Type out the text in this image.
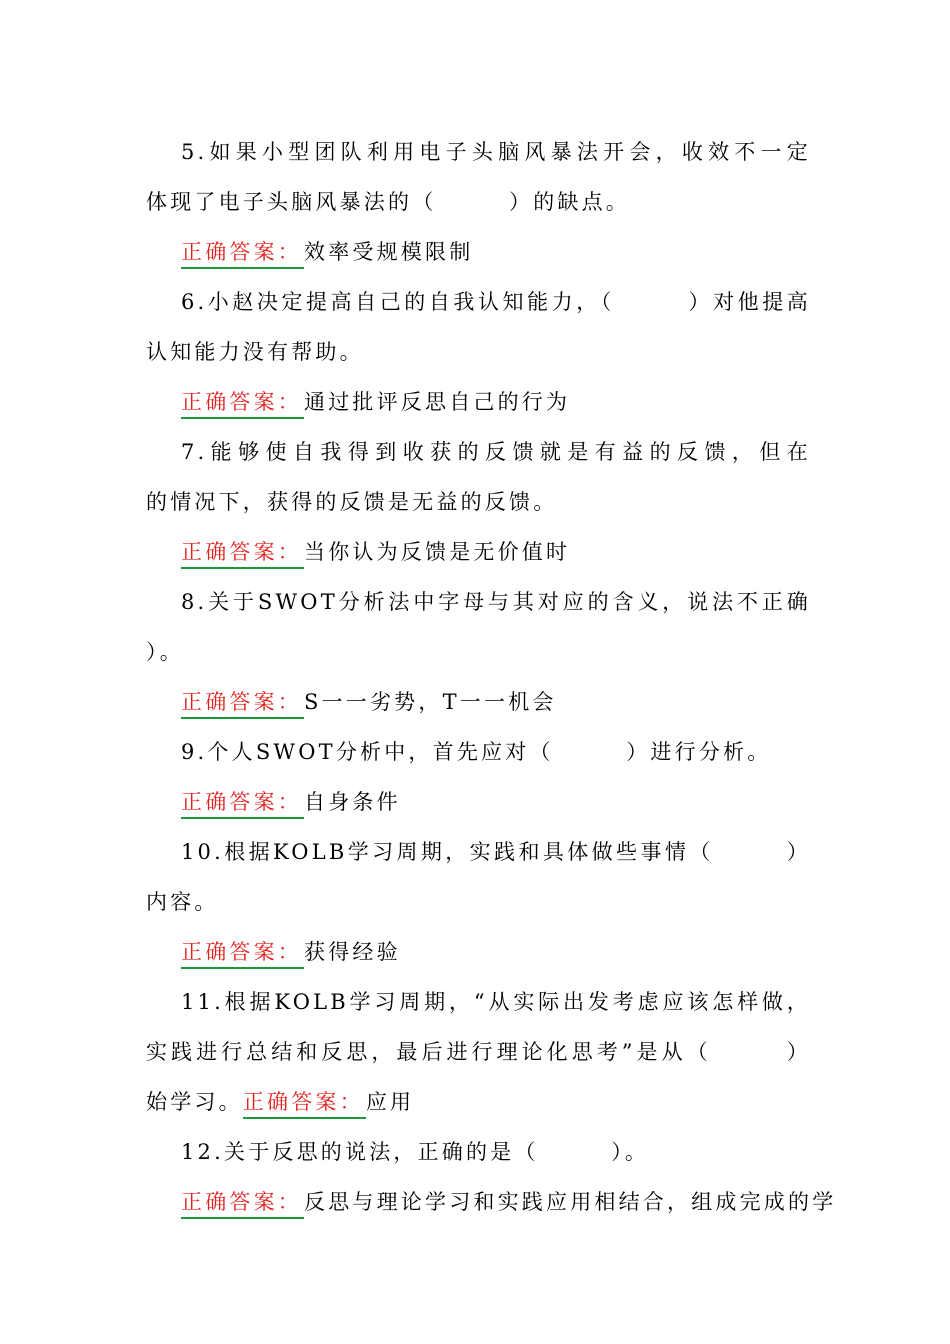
5.如果小型团队利用电子头脑风暴法开会，收效不一定
体现了电子头脑风暴法的（　　　）的缺点。
正确答案：效率受规模限制
6.小赵决定提高自己的自我认知能力，（　　　）对他提高
认知能力没有帮助。
正确答案：通过批评反思自己的行为
7.能够使自我得到收获的反馈就是有益的反馈，但在　　　
的情况下，获得的反馈是无益的反馈。
正确答案：当你认为反馈是无价值时
8.关于SWOT分析法中字母与其对应的含义，说法不正确
）。
正确答案：S一一劣势，T一一机会
9.个人SWOT分析中，首先应对（　　　）进行分析。
正确答案：自身条件
10.根据KOLB学习周期，实践和具体做些事情（　　　）
内容。
正确答案：获得经验
11.根据KOLB学习周期，“从实际出发考虑应该怎样做，
实践进行总结和反思，最后进行理论化思考”是从（　　　）
始学习。正确答案：应用
12.关于反思的说法，正确的是（　　　）。
正确答案：反思与理论学习和实践应用相结合，组成完成的学
